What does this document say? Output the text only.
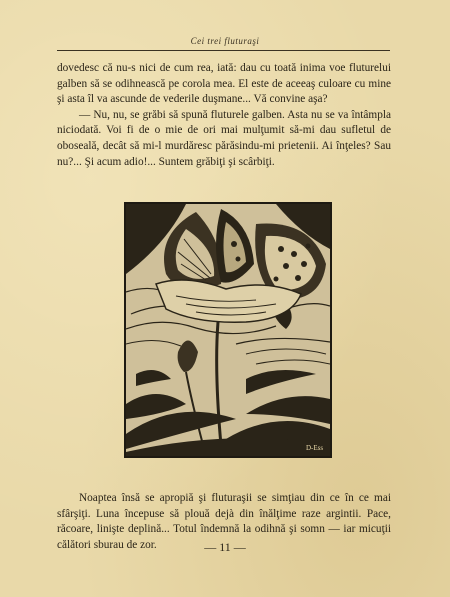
Cei trei fluturaşi

dovedesc că nu-s nici de cum rea, iată: dau cu toată inima voe fluturelui galben să se odihnească pe corola mea. El este de aceeaş culoare cu mine şi asta îl va ascunde de vederile duşmane... Vă convine aşa?

— Nu, nu, se grăbi să spună fluturele galben. Asta nu se va întâmpla niciodată. Voi fi de o mie de ori mai mulţumit să-mi dau sufletul de oboseală, decât să mi-l murdăresc părăsindu-mi prietenii. Ai înţeles? Sau nu?... Şi acum adio!... Suntem grăbiţi şi scârbiţi.

D-Ess

Noaptea însă se apropiă şi fluturaşii se simţiau din ce în ce mai sfârşiţi. Luna începuse să plouă dejà din înălţime raze argintii. Pace, răcoare, linişte deplină... Totul îndemnă la odihnă şi somn — iar micuţii călători sburau de zor.	— 11 —
